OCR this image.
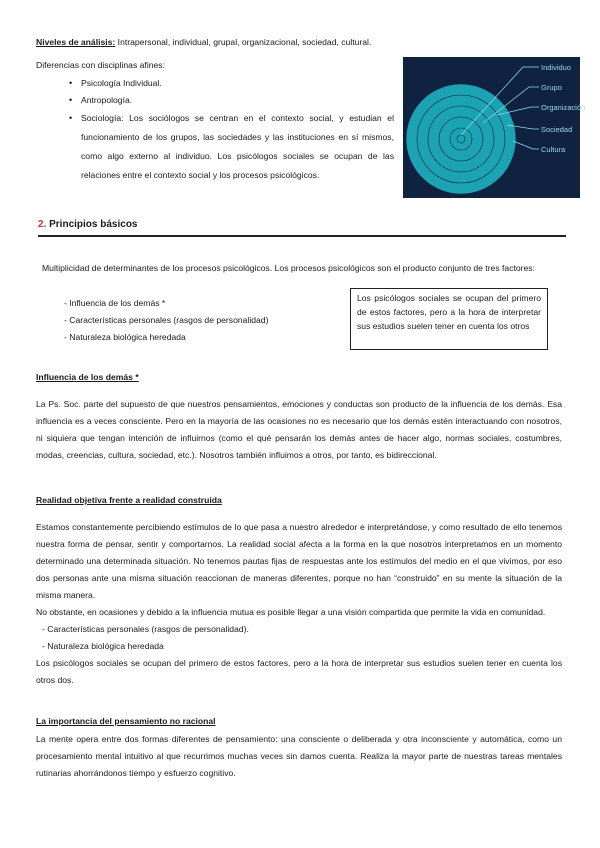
Niveles de análisis: Intrapersonal, individual, grupal, organizacional, sociedad, cultural.
Diferencias con disciplinas afines:
• Psicología Individual.
• Antropología.
• Sociología: Los sociólogos se centran en el contexto social, y estudian el funcionamiento de los grupos, las sociedades y las instituciones en sí mismos, como algo externo al individuo. Los psicólogos sociales se ocupan de las relaciones entre el contexto social y los procesos psicológicos.
Individuo
Grupo
Organización
Sociedad
Cultura
2. Principios básicos
Multiplicidad de determinantes de los procesos psicológicos. Los procesos psicológicos son el producto conjunto de tres factores:
- Influencia de los demás *
- Características personales (rasgos de personalidad)
- Naturaleza biológica heredada
Los psicólogos sociales se ocupan del primero de estos factores, pero a la hora de interpretar sus estudios suelen tener en cuenta los otros
Influencia de los demás *
La Ps. Soc. parte del supuesto de que nuestros pensamientos, emociones y conductas son producto de la influencia de los demás. Esa influencia es a veces consciente. Pero en la mayoría de las ocasiones no es necesario que los demás estén interactuando con nosotros, ni siquiera que tengan intención de influirnos (como el qué pensarán los demás antes de hacer algo, normas sociales, costumbres, modas, creencias, cultura, sociedad, etc.). Nosotros también influimos a otros, por tanto, es bidireccional.
Realidad objetiva frente a realidad construida

Estamos constantemente percibiendo estímulos de lo que pasa a nuestro alrededor e interpretándose, y como resultado de ello tenemos nuestra forma de pensar, sentir y comportarnos. La realidad social afecta a la forma en la que nosotros interpretamos en un momento determinado una determinada situación. No tenemos pautas fijas de respuestas ante los estímulos del medio en el que vivimos, por eso dos personas ante una misma situación reaccionan de maneras diferentes, porque no han “construido” en su mente la situación de la misma manera.

No obstante, en ocasiones y debido a la influencia mutua es posible llegar a una visión compartida que permite la vida en comunidad.

- Características personales (rasgos de personalidad).
- Naturaleza biológica heredada

Los psicólogos sociales se ocupan del primero de estos factores, pero a la hora de interpretar sus estudios suelen tener en cuenta los otros dos.

La importancia del pensamiento no racional
La mente opera entre dos formas diferentes de pensamiento: una consciente o deliberada y otra inconsciente y automática, como un procesamiento mental intuitivo al que recurrimos muchas veces sin damos cuenta. Realiza la mayor parte de nuestras tareas mentales rutinarias ahorrándonos tiempo y esfuerzo cognitivo.
